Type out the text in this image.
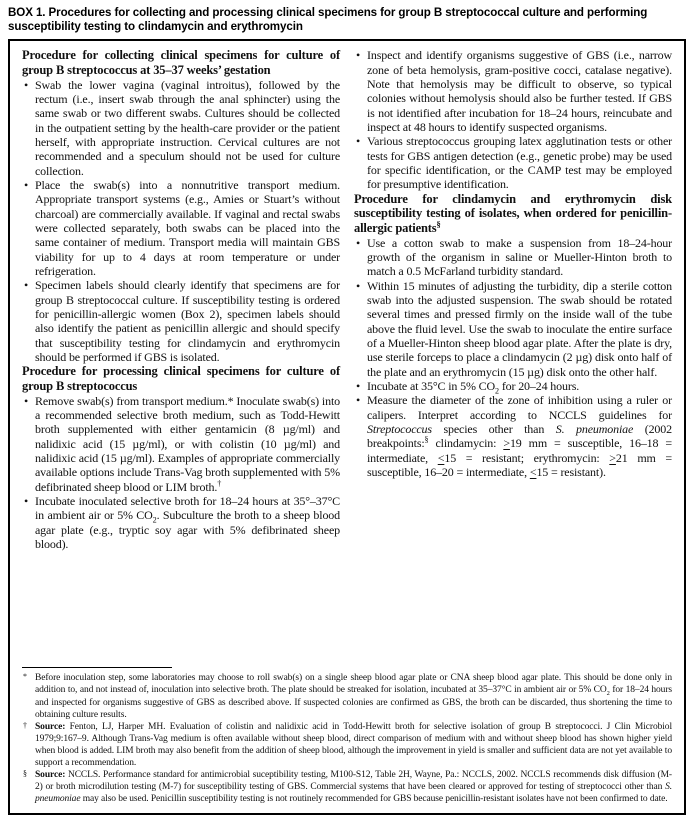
BOX 1. Procedures for collecting and processing clinical specimens for group B streptococcal culture and performing susceptibility testing to clindamycin and erythromycin
Procedure for collecting clinical specimens for culture of group B streptococcus at 35–37 weeks’ gestation
• Swab the lower vagina (vaginal introitus), followed by the rectum (i.e., insert swab through the anal sphincter) using the same swab or two different swabs. Cultures should be collected in the outpatient setting by the health-care provider or the patient herself, with appropriate instruction. Cervical cultures are not recommended and a speculum should not be used for culture collection.
• Place the swab(s) into a nonnutritive transport medium. Appropriate transport systems (e.g., Amies or Stuart’s without charcoal) are commercially available. If vaginal and rectal swabs were collected separately, both swabs can be placed into the same container of medium. Transport media will maintain GBS viability for up to 4 days at room temperature or under refrigeration.
• Specimen labels should clearly identify that specimens are for group B streptococcal culture. If susceptibility testing is ordered for penicillin-allergic women (Box 2), specimen labels should also identify the patient as penicillin allergic and should specify that susceptibility testing for clindamycin and erythromycin should be performed if GBS is isolated.
Procedure for processing clinical specimens for culture of group B streptococcus
• Remove swab(s) from transport medium.* Inoculate swab(s) into a recommended selective broth medium, such as Todd-Hewitt broth supplemented with either gentamicin (8 µg/ml) and nalidixic acid (15 µg/ml), or with colistin (10 µg/ml) and nalidixic acid (15 µg/ml). Examples of appropriate commercially available options include Trans-Vag broth supplemented with 5% defibrinated sheep blood or LIM broth.†
• Incubate inoculated selective broth for 18–24 hours at 35°–37°C in ambient air or 5% $CO_2$. Subculture the broth to a sheep blood agar plate (e.g., tryptic soy agar with 5% defibrinated sheep blood).
• Inspect and identify organisms suggestive of GBS (i.e., narrow zone of beta hemolysis, gram-positive cocci, catalase negative). Note that hemolysis may be difficult to observe, so typical colonies without hemolysis should also be further tested. If GBS is not identified after incubation for 18–24 hours, reincubate and inspect at 48 hours to identify suspected organisms.
• Various streptococcus grouping latex agglutination tests or other tests for GBS antigen detection (e.g., genetic probe) may be used for specific identification, or the CAMP test may be employed for presumptive identification.
Procedure for clindamycin and erythromycin disk susceptibility testing of isolates, when ordered for penicillin-allergic patients§
• Use a cotton swab to make a suspension from 18–24-hour growth of the organism in saline or Mueller-Hinton broth to match a 0.5 McFarland turbidity standard.
• Within 15 minutes of adjusting the turbidity, dip a sterile cotton swab into the adjusted suspension. The swab should be rotated several times and pressed firmly on the inside wall of the tube above the fluid level. Use the swab to inoculate the entire surface of a Mueller-Hinton sheep blood agar plate. After the plate is dry, use sterile forceps to place a clindamycin (2 µg) disk onto half of the plate and an erythromycin (15 µg) disk onto the other half.
• Incubate at 35°C in 5% $CO_2$ for 20–24 hours.
• Measure the diameter of the zone of inhibition using a ruler or calipers. Interpret according to NCCLS guidelines for Streptococcus species other than S. pneumoniae (2002 breakpoints:§ clindamycin: >19 mm = susceptible, 16–18 = intermediate, <15 = resistant; erythromycin: >21 mm = susceptible, 16–20 = intermediate, <15 = resistant).
* Before inoculation step, some laboratories may choose to roll swab(s) on a single sheep blood agar plate or CNA sheep blood agar plate. This should be done only in addition to, and not instead of, inoculation into selective broth. The plate should be streaked for isolation, incubated at 35–37°C in ambient air or 5% $CO_2$ for 18–24 hours and inspected for organisms suggestive of GBS as described above. If suspected colonies are confirmed as GBS, the broth can be discarded, thus shortening the time to obtaining culture results.
† Source: Fenton, LJ, Harper MH. Evaluation of colistin and nalidixic acid in Todd-Hewitt broth for selective isolation of group B streptococci. J Clin Microbiol 1979;9:167–9. Although Trans-Vag medium is often available without sheep blood, direct comparison of medium with and without sheep blood has shown higher yield when blood is added. LIM broth may also benefit from the addition of sheep blood, although the improvement in yield is smaller and sufficient data are not yet available to support a recommendation.
§ Source: NCCLS. Performance standard for antimicrobial suceptibility testing, M100-S12, Table 2H, Wayne, Pa.: NCCLS, 2002. NCCLS recommends disk diffusion (M-2) or broth microdilution testing (M-7) for susceptibility testing of GBS. Commercial systems that have been cleared or approved for testing of streptococci other than S. pneumoniae may also be used. Penicillin susceptibility testing is not routinely recommended for GBS because penicillin-resistant isolates have not been confirmed to date.
